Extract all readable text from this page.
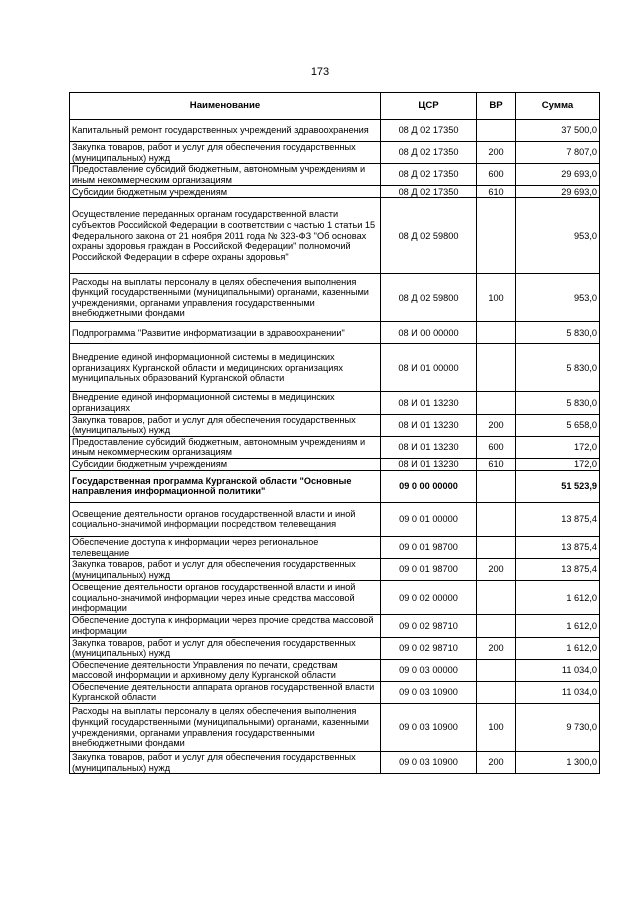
173
Наименование	ЦСР	ВР	Сумма
Капитальный ремонт государственных учреждений здравоохранения	08 Д 02 17350		37 500,0
Закупка товаров, работ и услуг для обеспечения государственных (муниципальных) нужд	08 Д 02 17350	200	7 807,0
Предоставление субсидий бюджетным, автономным учреждениям и иным некоммерческим организациям	08 Д 02 17350	600	29 693,0
Субсидии бюджетным учреждениям	08 Д 02 17350	610	29 693,0
Осуществление переданных органам государственной власти субъектов Российской Федерации в соответствии с частью 1 статьи 15 Федерального закона от 21 ноября 2011 года № 323-ФЗ "Об основах охраны здоровья граждан в Российской Федерации" полномочий Российской Федерации в сфере охраны здоровья"	08 Д 02 59800		953,0
Расходы на выплаты персоналу в целях обеспечения выполнения функций государственными (муниципальными) органами, казенными учреждениями, органами управления государственными внебюджетными фондами	08 Д 02 59800	100	953,0
Подпрограмма "Развитие информатизации в здравоохранении"	08 И 00 00000		5 830,0
Внедрение единой информационной системы в медицинских организациях Курганской области и медицинских организациях муниципальных образований Курганской области	08 И 01 00000		5 830,0
Внедрение единой информационной системы в медицинских организациях	08 И 01 13230		5 830,0
Закупка товаров, работ и услуг для обеспечения государственных (муниципальных) нужд	08 И 01 13230	200	5 658,0
Предоставление субсидий бюджетным, автономным учреждениям и иным некоммерческим организациям	08 И 01 13230	600	172,0
Субсидии бюджетным учреждениям	08 И 01 13230	610	172,0
Государственная программа Курганской области "Основные направления информационной политики"	09 0 00 00000		51 523,9
Освещение деятельности органов государственной власти и иной социально-значимой информации посредством телевещания	09 0 01 00000		13 875,4
Обеспечение доступа к информации через региональное телевещание	09 0 01 98700		13 875,4
Закупка товаров, работ и услуг для обеспечения государственных (муниципальных) нужд	09 0 01 98700	200	13 875,4
Освещение деятельности органов государственной власти и иной социально-значимой информации через иные средства массовой информации	09 0 02 00000		1 612,0
Обеспечение доступа к информации через прочие средства массовой информации	09 0 02 98710		1 612,0
Закупка товаров, работ и услуг для обеспечения государственных (муниципальных) нужд	09 0 02 98710	200	1 612,0
Обеспечение деятельности Управления по печати, средствам массовой информации и архивному делу Курганской области	09 0 03 00000		11 034,0
Обеспечение деятельности аппарата органов государственной власти Курганской области	09 0 03 10900		11 034,0
Расходы на выплаты персоналу в целях обеспечения выполнения функций государственными (муниципальными) органами, казенными учреждениями, органами управления государственными внебюджетными фондами	09 0 03 10900	100	9 730,0
Закупка товаров, работ и услуг для обеспечения государственных (муниципальных) нужд	09 0 03 10900	200	1 300,0
